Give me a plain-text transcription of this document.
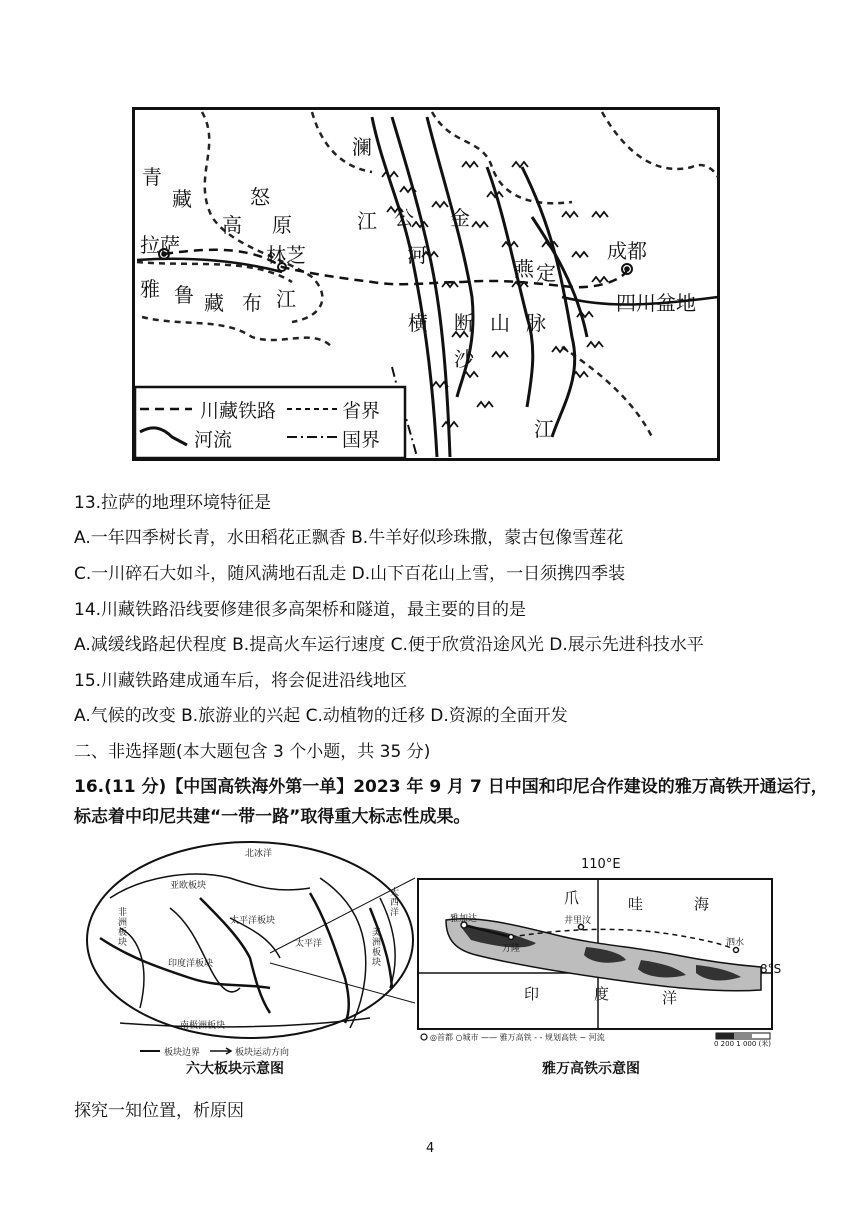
青
藏	怒
高 原
澜
江 公 金
河
拉萨	林芝
雅 鲁 藏 布 江
横 断 山 脉
沙
江
燕 定
成都
四川盆地
川藏铁路	省界
河流	国界
13.拉萨的地理环境特征是
A.一年四季树长青，水田稻花正飘香 B.牛羊好似珍珠撒，蒙古包像雪莲花
C.一川碎石大如斗，随风满地石乱走 D.山下百花山上雪，一日须携四季装
14.川藏铁路沿线要修建很多高架桥和隧道，最主要的目的是
A.减缓线路起伏程度 B.提高火车运行速度 C.便于欣赏沿途风光 D.展示先进科技水平
15.川藏铁路建成通车后，将会促进沿线地区
A.气候的改变 B.旅游业的兴起 C.动植物的迁移 D.资源的全面开发
二、非选择题(本大题包含 3 个小题，共 35 分)
16.(11 分)【中国高铁海外第一单】2023 年 9 月 7 日中国和印尼合作建设的雅万高铁开通运行，
标志着中印尼共建“一带一路”取得重大标志性成果。
北冰洋
亚欧板块
太平洋板块
太平洋
非洲板块
印度洋板块
美洲板块
南极洲板块
大西洋
板块边界	板块运动方向
六大板块示意图
110°E
8°S
爪	哇	海
印	度	洋
雅加达	井里汶
泗水
万隆
◎首都 ○城市 —— 雅万高铁 - - 规划高铁 ~ 河流
0 200 1 000 (米)
雅万高铁示意图
探究一知位置，析原因
4
